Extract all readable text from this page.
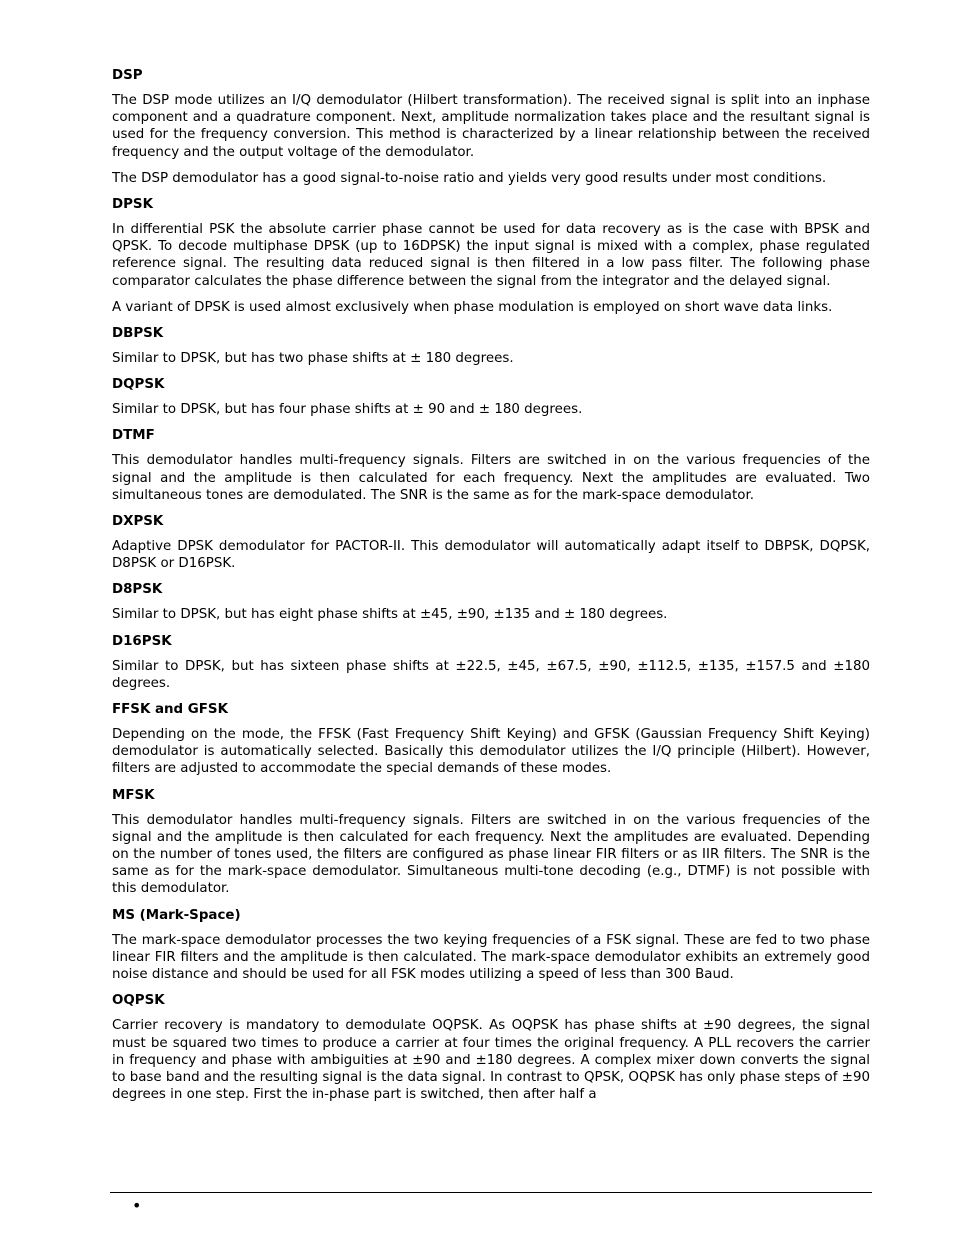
DSP

The DSP mode utilizes an I/Q demodulator (Hilbert transformation). The received signal is split into an inphase component and a quadrature component. Next, amplitude normalization takes place and the resultant signal is used for the frequency conversion. This method is characterized by a linear relationship between the received frequency and the output voltage of the demodulator.

The DSP demodulator has a good signal-to-noise ratio and yields very good results under most conditions.

DPSK

In differential PSK the absolute carrier phase cannot be used for data recovery as is the case with BPSK and QPSK. To decode multiphase DPSK (up to 16DPSK) the input signal is mixed with a complex, phase regulated reference signal. The resulting data reduced signal is then filtered in a low pass filter. The following phase comparator calculates the phase difference between the signal from the integrator and the delayed signal.

A variant of DPSK is used almost exclusively when phase modulation is employed on short wave data links.

DBPSK

Similar to DPSK, but has two phase shifts at ± 180 degrees.

DQPSK

Similar to DPSK, but has four phase shifts at ± 90 and ± 180 degrees.

DTMF

This demodulator handles multi-frequency signals. Filters are switched in on the various frequencies of the signal and the amplitude is then calculated for each frequency. Next the amplitudes are evaluated. Two simultaneous tones are demodulated. The SNR is the same as for the mark-space demodulator.

DXPSK

Adaptive DPSK demodulator for PACTOR-II. This demodulator will automatically adapt itself to DBPSK, DQPSK, D8PSK or D16PSK.

D8PSK

Similar to DPSK, but has eight phase shifts at ±45, ±90, ±135 and ± 180 degrees.

D16PSK

Similar to DPSK, but has sixteen phase shifts at ±22.5, ±45, ±67.5, ±90, ±112.5, ±135, ±157.5 and ±180 degrees.

FFSK and GFSK

Depending on the mode, the FFSK (Fast Frequency Shift Keying) and GFSK (Gaussian Frequency Shift Keying) demodulator is automatically selected. Basically this demodulator utilizes the I/Q principle (Hilbert). However, filters are adjusted to accommodate the special demands of these modes.

MFSK

This demodulator handles multi-frequency signals. Filters are switched in on the various frequencies of the signal and the amplitude is then calculated for each frequency. Next the amplitudes are evaluated. Depending on the number of tones used, the filters are configured as phase linear FIR filters or as IIR filters. The SNR is the same as for the mark-space demodulator. Simultaneous multi-tone decoding (e.g., DTMF) is not possible with this demodulator.

MS (Mark-Space)

The mark-space demodulator processes the two keying frequencies of a FSK signal. These are fed to two phase linear FIR filters and the amplitude is then calculated. The mark-space demodulator exhibits an extremely good noise distance and should be used for all FSK modes utilizing a speed of less than 300 Baud.

OQPSK

Carrier recovery is mandatory to demodulate OQPSK. As OQPSK has phase shifts at ±90 degrees, the signal must be squared two times to produce a carrier at four times the original frequency. A PLL recovers the carrier in frequency and phase with ambiguities at ±90 and ±180 degrees. A complex mixer down converts the signal to base band and the resulting signal is the data signal. In contrast to QPSK, OQPSK has only phase steps of ±90 degrees in one step. First the in-phase part is switched, then after half a

•
